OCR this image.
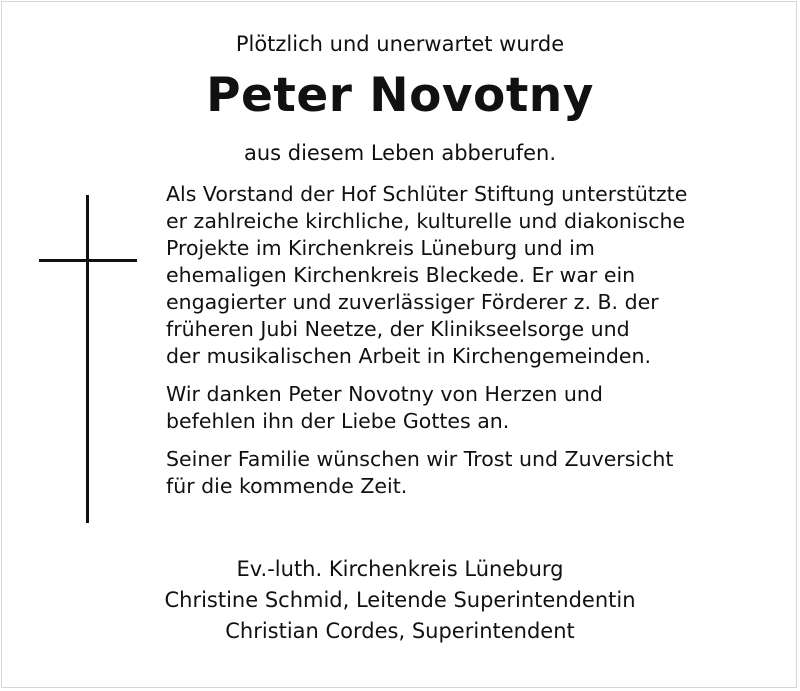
Plötzlich und unerwartet wurde
Peter Novotny
aus diesem Leben abberufen.

Als Vorstand der Hof Schlüter Stiftung unterstützte
er zahlreiche kirchliche, kulturelle und diakonische
Projekte im Kirchenkreis Lüneburg und im
ehemaligen Kirchenkreis Bleckede. Er war ein
engagierter und zuverlässiger Förderer z. B. der
früheren Jubi Neetze, der Klinikseelsorge und
der musikalischen Arbeit in Kirchengemeinden.

Wir danken Peter Novotny von Herzen und
befehlen ihn der Liebe Gottes an.

Seiner Familie wünschen wir Trost und Zuversicht
für die kommende Zeit.

Ev.-luth. Kirchenkreis Lüneburg
Christine Schmid, Leitende Superintendentin
Christian Cordes, Superintendent
